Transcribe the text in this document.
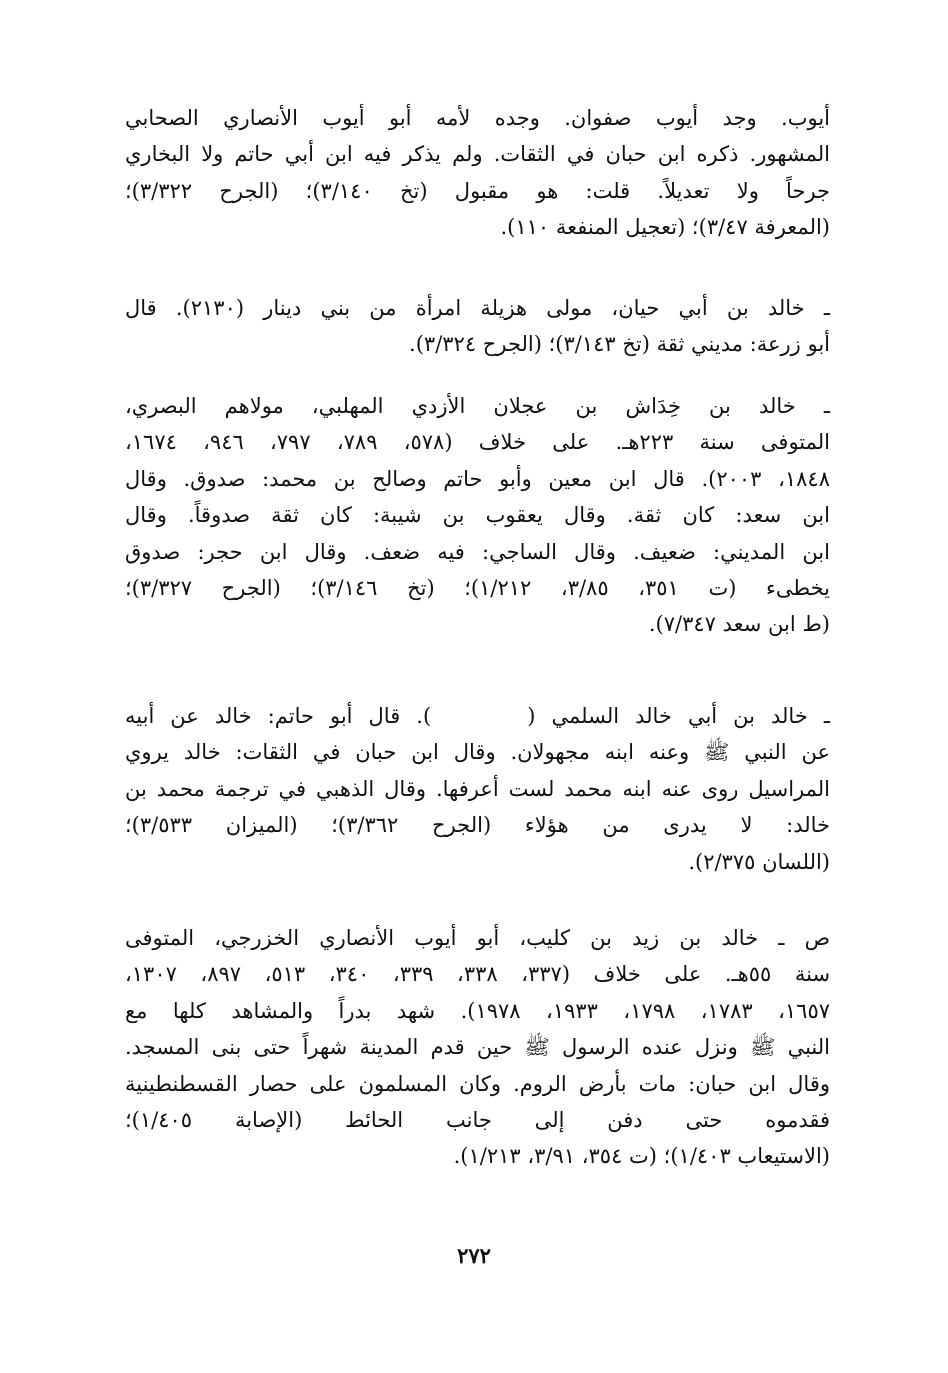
أيوب. وجد أيوب صفوان. وجده لأمه أبو أيوب الأنصاري الصحابي
المشهور. ذكره ابن حبان في الثقات. ولم يذكر فيه ابن أبي حاتم ولا البخاري
جرحاً ولا تعديلاً. قلت: هو مقبول (تخ ٣/١٤٠)؛ (الجرح ٣/٣٢٢)؛
(المعرفة ٣/٤٧)؛ (تعجيل المنفعة ١١٠).
ـ خالد بن أبي حيان، مولى هزيلة امرأة من بني دينار (٢١٣٠). قال
أبو زرعة: مديني ثقة (تخ ٣/١٤٣)؛ (الجرح ٣/٣٢٤).
ـ خالد بن خِدَاش بن عجلان الأزدي المهلبي، مولاهم البصري،
المتوفى سنة ٢٢٣هـ. على خلاف (٥٧٨، ٧٨٩، ٧٩٧، ٩٤٦، ١٦٧٤،
١٨٤٨، ٢٠٠٣). قال ابن معين وأبو حاتم وصالح بن محمد: صدوق. وقال
ابن سعد: كان ثقة. وقال يعقوب بن شيبة: كان ثقة صدوقاً. وقال
ابن المديني: ضعيف. وقال الساجي: فيه ضعف. وقال ابن حجر: صدوق
يخطىء (ت ٣٥١، ٣/٨٥، ١/٢١٢)؛ (تخ ٣/١٤٦)؛ (الجرح ٣/٣٢٧)؛
(ط ابن سعد ٧/٣٤٧).
ـ خالد بن أبي خالد السلمي (      ). قال أبو حاتم: خالد عن أبيه
عن النبي ﷺ وعنه ابنه مجهولان. وقال ابن حبان في الثقات: خالد يروي
المراسيل روى عنه ابنه محمد لست أعرفها. وقال الذهبي في ترجمة محمد بن
خالد: لا يدرى من هؤلاء (الجرح ٣/٣٦٢)؛ (الميزان ٣/٥٣٣)؛
(اللسان ٢/٣٧٥).
ص ـ خالد بن زيد بن كليب، أبو أيوب الأنصاري الخزرجي، المتوفى
سنة ٥٥هـ. على خلاف (٣٣٧، ٣٣٨، ٣٣٩، ٣٤٠، ٥١٣، ٨٩٧، ١٣٠٧،
١٦٥٧، ١٧٨٣، ١٧٩٨، ١٩٣٣، ١٩٧٨). شهد بدراً والمشاهد كلها مع
النبي ﷺ ونزل عنده الرسول ﷺ حين قدم المدينة شهراً حتى بنى المسجد.
وقال ابن حبان: مات بأرض الروم. وكان المسلمون على حصار القسطنطينية
فقدموه حتى دفن إلى جانب الحائط (الإصابة ١/٤٠٥)؛
(الاستيعاب ١/٤٠٣)؛ (ت ٣٥٤، ٣/٩١، ١/٢١٣).
٢٧٢
